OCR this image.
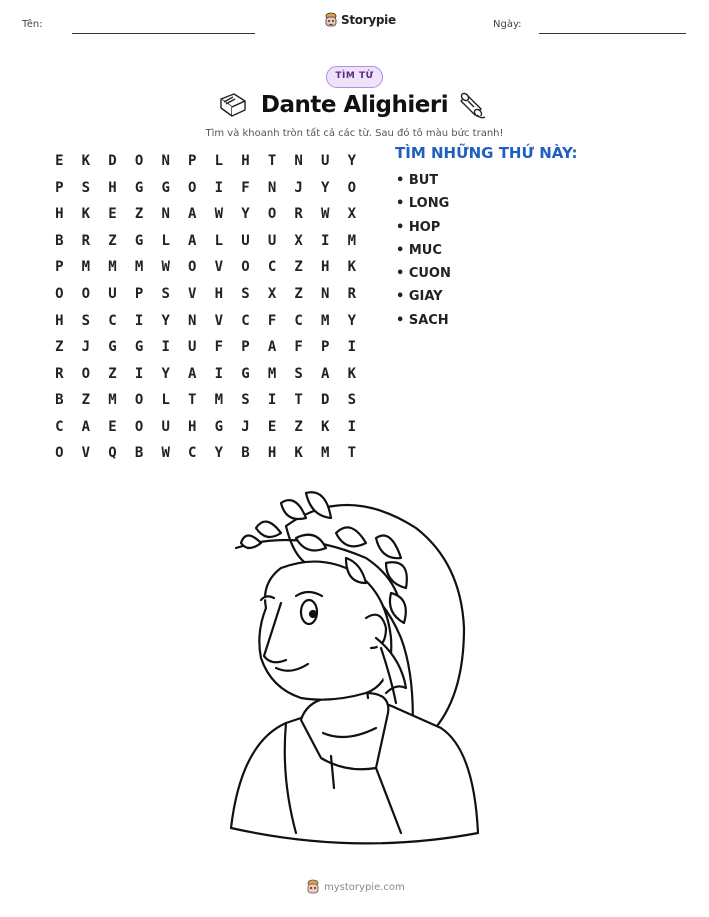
Tên:	Storypie	Ngày:
TÌM TỪ
Dante Alighieri
Tìm và khoanh tròn tất cả các từ. Sau đó tô màu bức tranh!
E	K	D	O	N	P	L	H	T	N	U	Y
P	S	H	G	G	O	I	F	N	J	Y	O
H	K	E	Z	N	A	W	Y	O	R	W	X
B	R	Z	G	L	A	L	U	U	X	I	M
P	M	M	M	W	O	V	O	C	Z	H	K
O	O	U	P	S	V	H	S	X	Z	N	R
H	S	C	I	Y	N	V	C	F	C	M	Y
Z	J	G	G	I	U	F	P	A	F	P	I
R	O	Z	I	Y	A	I	G	M	S	A	K
B	Z	M	O	L	T	M	S	I	T	D	S
C	A	E	O	U	H	G	J	E	Z	K	I
O	V	Q	B	W	C	Y	B	H	K	M	T
TÌM NHỮNG THỨ NÀY:
• BUT
• LONG
• HOP
• MUC
• CUON
• GIAY
• SACH
mystorypie.com
